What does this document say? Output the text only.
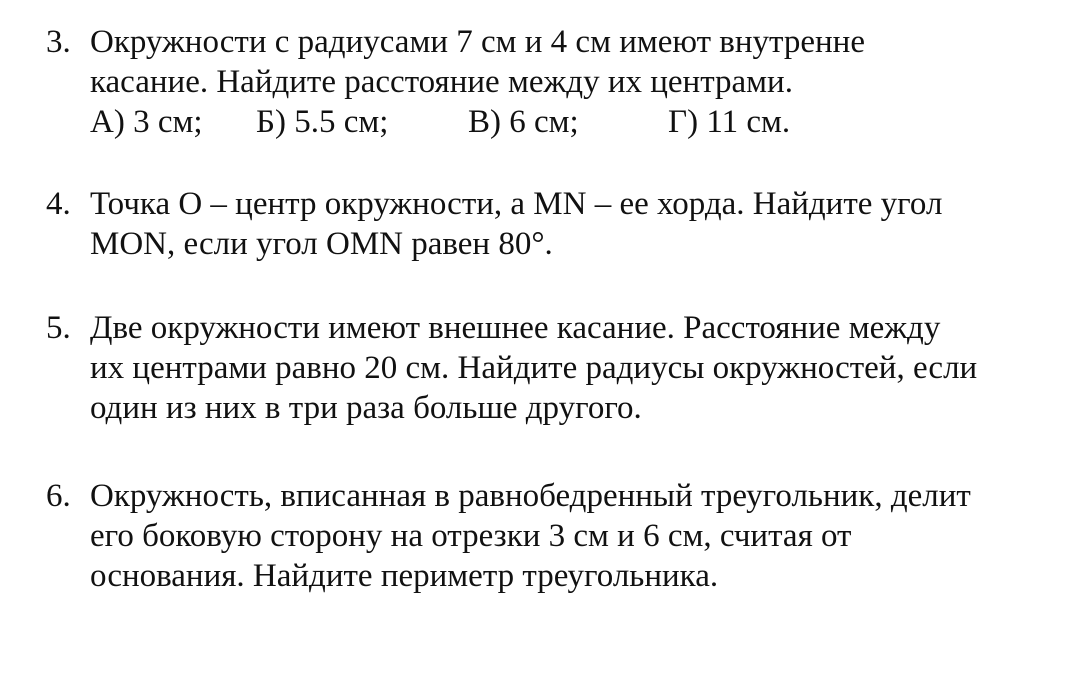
3. Окружности с радиусами 7 см и 4 см имеют внутренне
касание. Найдите расстояние между их центрами.
А) 3 см; Б) 5.5 см; В) 6 см;	Г) 11 см.
4. Точка О – центр окружности, а MN – ее хорда. Найдите угол
MON, если угол OMN равен 80°.
5. Две окружности имеют внешнее касание. Расстояние между
их центрами равно 20 см. Найдите радиусы окружностей, если
один из них в три раза больше другого.
6. Окружность, вписанная в равнобедренный треугольник, делит
его боковую сторону на отрезки 3 см и 6 см, считая от
основания. Найдите периметр треугольника.
